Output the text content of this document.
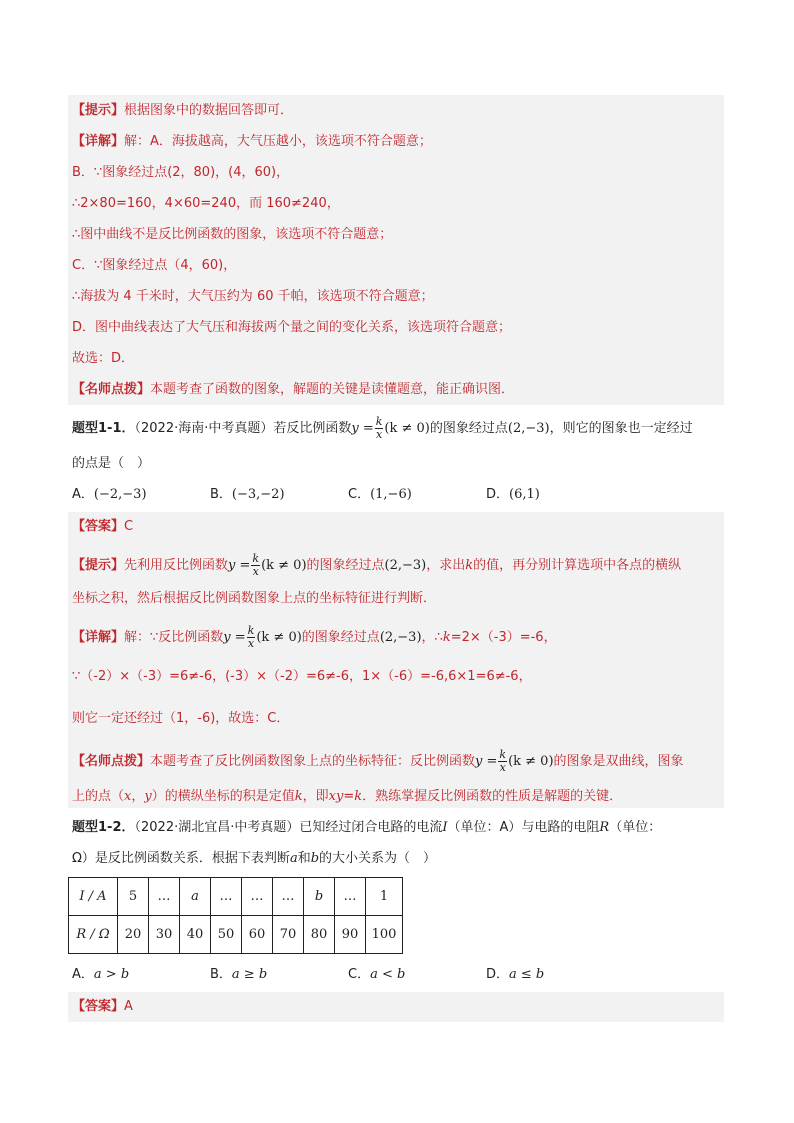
【提示】根据图象中的数据回答即可．
【详解】解：A．海拔越高，大气压越小，该选项不符合题意；
B．∵图象经过点(2，80)，(4，60)，
∴2×80=160，4×60=240，而 160≠240，
∴图中曲线不是反比例函数的图象，该选项不符合题意；
C．∵图象经过点（4，60)，
∴海拔为 4 千米时，大气压约为 60 千帕，该选项不符合题意；
D．图中曲线表达了大气压和海拔两个量之间的变化关系，该选项符合题意；
故选：D．
【名师点拨】本题考查了函数的图象，解题的关键是读懂题意，能正确识图．
题型1-1．（2022·海南·中考真题）若反比例函数$y = \frac{k}{x} (k \ne 0)$的图象经过点(2,−3)，则它的图象也一定经过
的点是（　）
A．(−2,−3)	B．(−3,−2)	C．(1,−6)	D．(6,1)
【答案】C
【提示】先利用反比例函数$y = \frac{k}{x} (k \ne 0)$的图象经过点(2,−3)，求出k的值，再分别计算选项中各点的横纵
坐标之积，然后根据反比例函数图象上点的坐标特征进行判断．
【详解】解：∵反比例函数$y = \frac{k}{x} (k \ne 0)$的图象经过点(2,−3)，∴k=2×（-3）=-6，
∵（-2）×（-3）=6≠-6，(-3）×（-2）=6≠-6，1×（-6）=-6,6×1=6≠-6，
则它一定还经过（1，-6)，故选：C．
【名师点拨】本题考查了反比例函数图象上点的坐标特征：反比例函数$y = \frac{k}{x} (k \ne 0)$的图象是双曲线，图象
上的点（x，y）的横纵坐标的积是定值k，即xy=k．熟练掌握反比例函数的性质是解题的关键．
题型1-2．（2022·湖北宜昌·中考真题）已知经过闭合电路的电流I（单位：A）与电路的电阻R（单位：
Ω）是反比例函数关系．根据下表判断a和b的大小关系为（　）
I / A	5	…	a	…	…	…	b	…	1
R / Ω	20	30	40	50	60	70	80	90	100
A．a > b	B．a ≥ b	C．a < b	D．a ≤ b
【答案】A
